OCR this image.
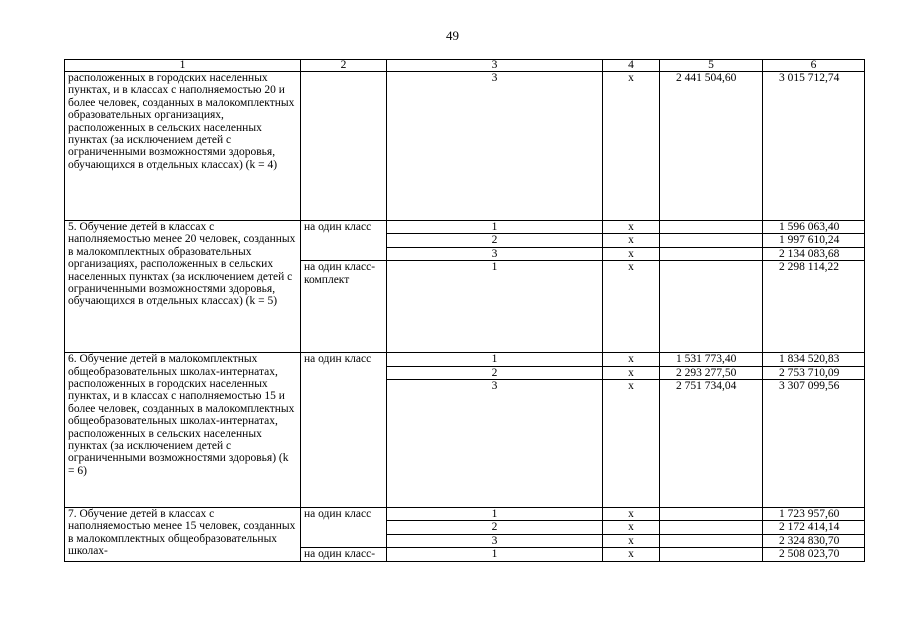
49
1	2	3	4	5	6
расположенных в городских населенных пунктах, и в классах с наполняемостью 20 и более человек, созданных в малокомплектных образовательных организациях, расположенных в сельских населенных пунктах (за исключением детей с ограниченными возможностями здоровья, обучающихся в отдельных классах) (k = 4)		3	х	2 441 504,60	3 015 712,74
5. Обучение детей в классах с наполняемостью менее 20 человек, созданных в малокомплектных образовательных организациях, расположенных в сельских населенных пунктах (за исключением детей с ограниченными возможностями здоровья, обучающихся в отдельных классах) (k = 5)	на один класс	1	х		1 596 063,40
		2	х		1 997 610,24
		3	х		2 134 083,68
	на один класс-комплект	1	х		2 298 114,22
6. Обучение детей в малокомплектных общеобразовательных школах-интернатах, расположенных в городских населенных пунктах, и в классах с наполняемостью 15 и более человек, созданных в малокомплектных общеобразовательных школах-интернатах, расположенных в сельских населенных пунктах (за исключением детей с ограниченными возможностями здоровья) (k = 6)	на один класс	1	х	1 531 773,40	1 834 520,83
		2	х	2 293 277,50	2 753 710,09
		3	х	2 751 734,04	3 307 099,56
7. Обучение детей в классах с наполняемостью менее 15 человек, созданных в малокомплектных общеобразовательных школах-	на один класс	1	х		1 723 957,60
		2	х		2 172 414,14
		3	х		2 324 830,70
	на один класс-	1	х		2 508 023,70
